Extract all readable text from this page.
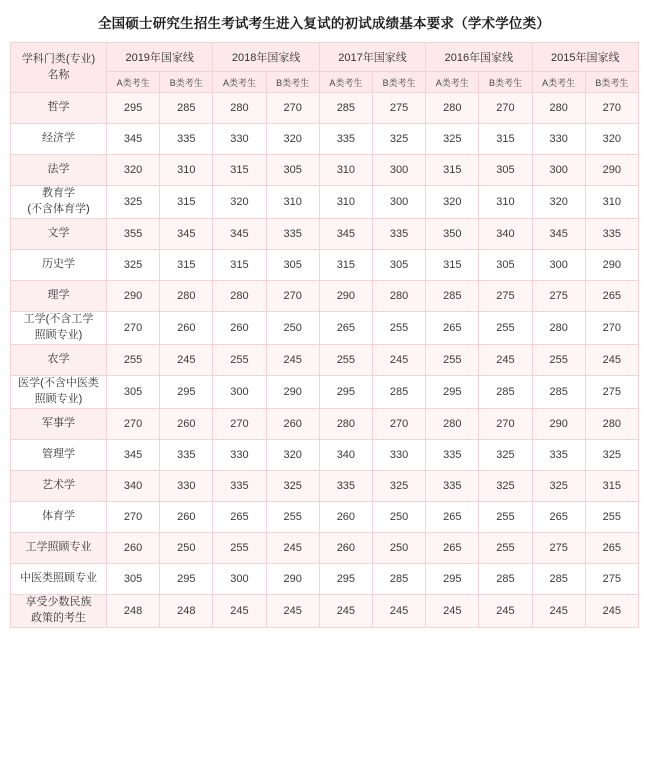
全国硕士研究生招生考试考生进入复试的初试成绩基本要求（学术学位类）
学科门类(专业)
名称	2019年国家线		2018年国家线		2017年国家线		2016年国家线		2015年国家线	
	A类考生	B类考生	A类考生	B类考生	A类考生	B类考生	A类考生	B类考生	A类考生	B类考生

哲学	295	285	280	270	285	275	280	270	280	270

经济学	345	335	330	320	335	325	325	315	330	320

法学	320	310	315	305	310	300	315	305	300	290

教育学
(不含体育学)	325	315	320	310	310	300	320	310	320	310

文学	355	345	345	335	345	335	350	340	345	335

历史学	325	315	315	305	315	305	315	305	300	290

理学	290	280	280	270	290	280	285	275	275	265

工学(不含工学
照顾专业)	270	260	260	250	265	255	265	255	280	270

农学	255	245	255	245	255	245	255	245	255	245

医学(不含中医类
照顾专业)	305	295	300	290	295	285	295	285	285	275

军事学	270	260	270	260	280	270	280	270	290	280

管理学	345	335	330	320	340	330	335	325	335	325

艺术学	340	330	335	325	335	325	335	325	325	315

体育学	270	260	265	255	260	250	265	255	265	255

工学照顾专业	260	250	255	245	260	250	265	255	275	265

中医类照顾专业	305	295	300	290	295	285	295	285	285	275

享受少数民族
政策的考生	248	248	245	245	245	245	245	245	245	245
